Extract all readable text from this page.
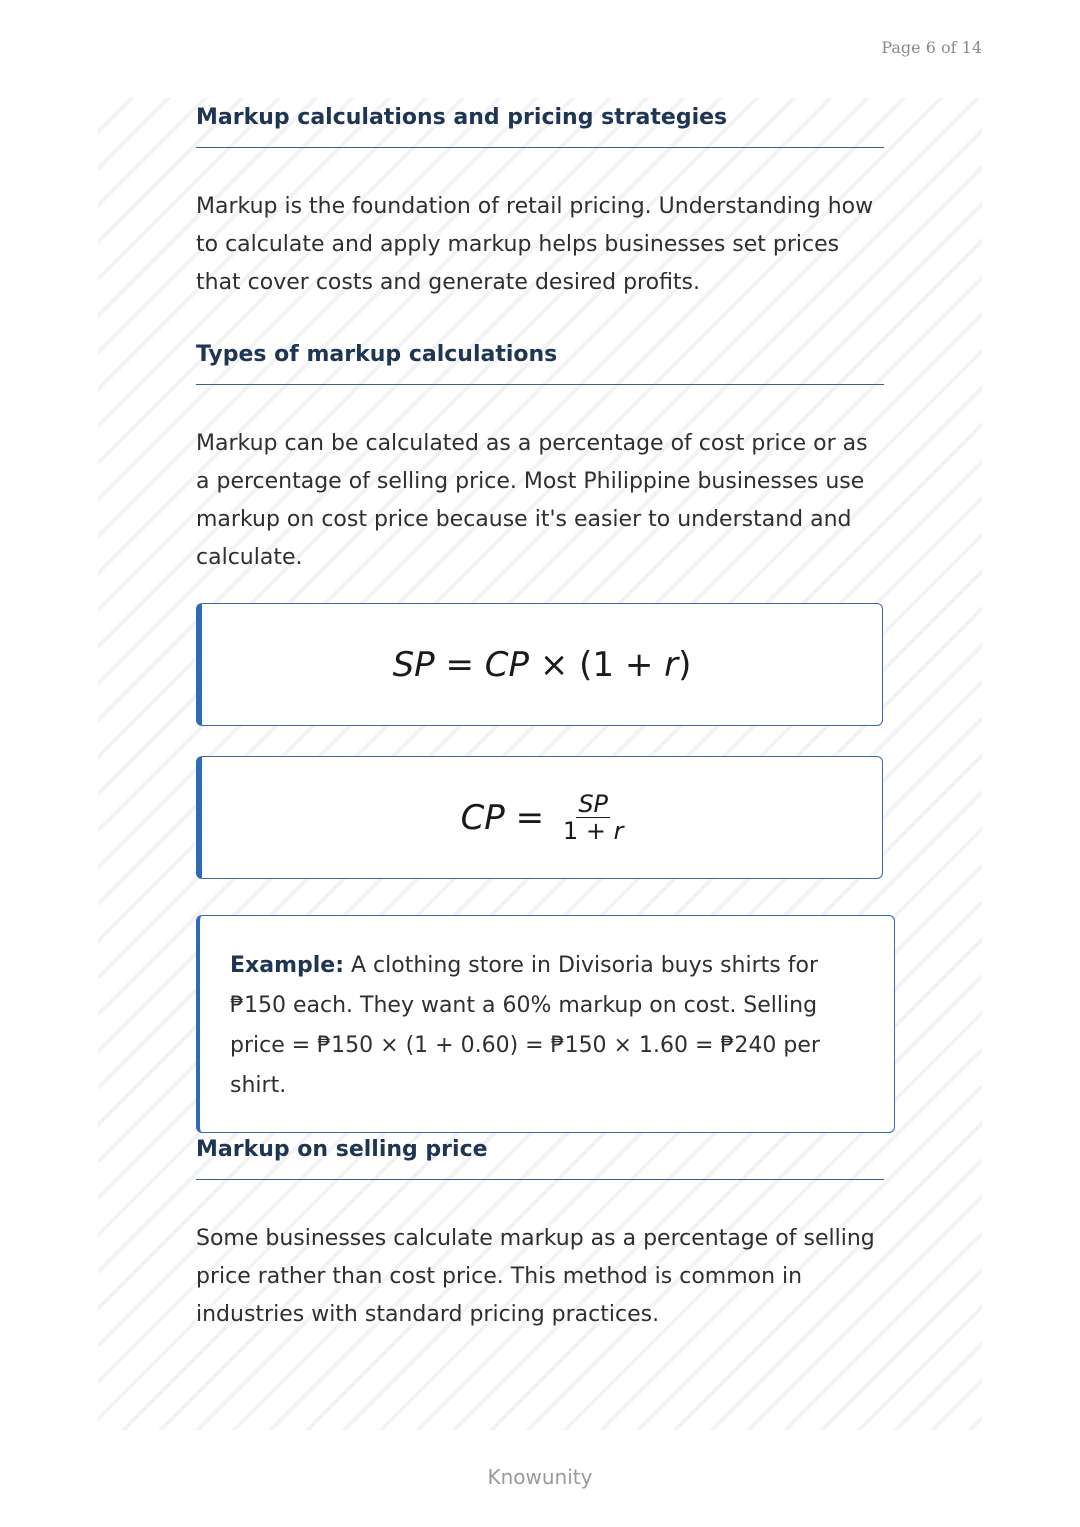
Page 6 of 14
Markup calculations and pricing strategies
Markup is the foundation of retail pricing. Understanding how to calculate and apply markup helps businesses set prices that cover costs and generate desired profits.
Types of markup calculations
Markup can be calculated as a percentage of cost price or as a percentage of selling price. Most Philippine businesses use markup on cost price because it's easier to understand and calculate.
SP = CP × (1 + r )
CP = $\frac{SP}{1 + r}$
Example: A clothing store in Divisoria buys shirts for ₱150 each. They want a 60% markup on cost. Selling price = ₱150 × (1 + 0.60) = ₱150 × 1.60 = ₱240 per shirt.
Markup on selling price
Some businesses calculate markup as a percentage of selling price rather than cost price. This method is common in industries with standard pricing practices.
Knowunity
